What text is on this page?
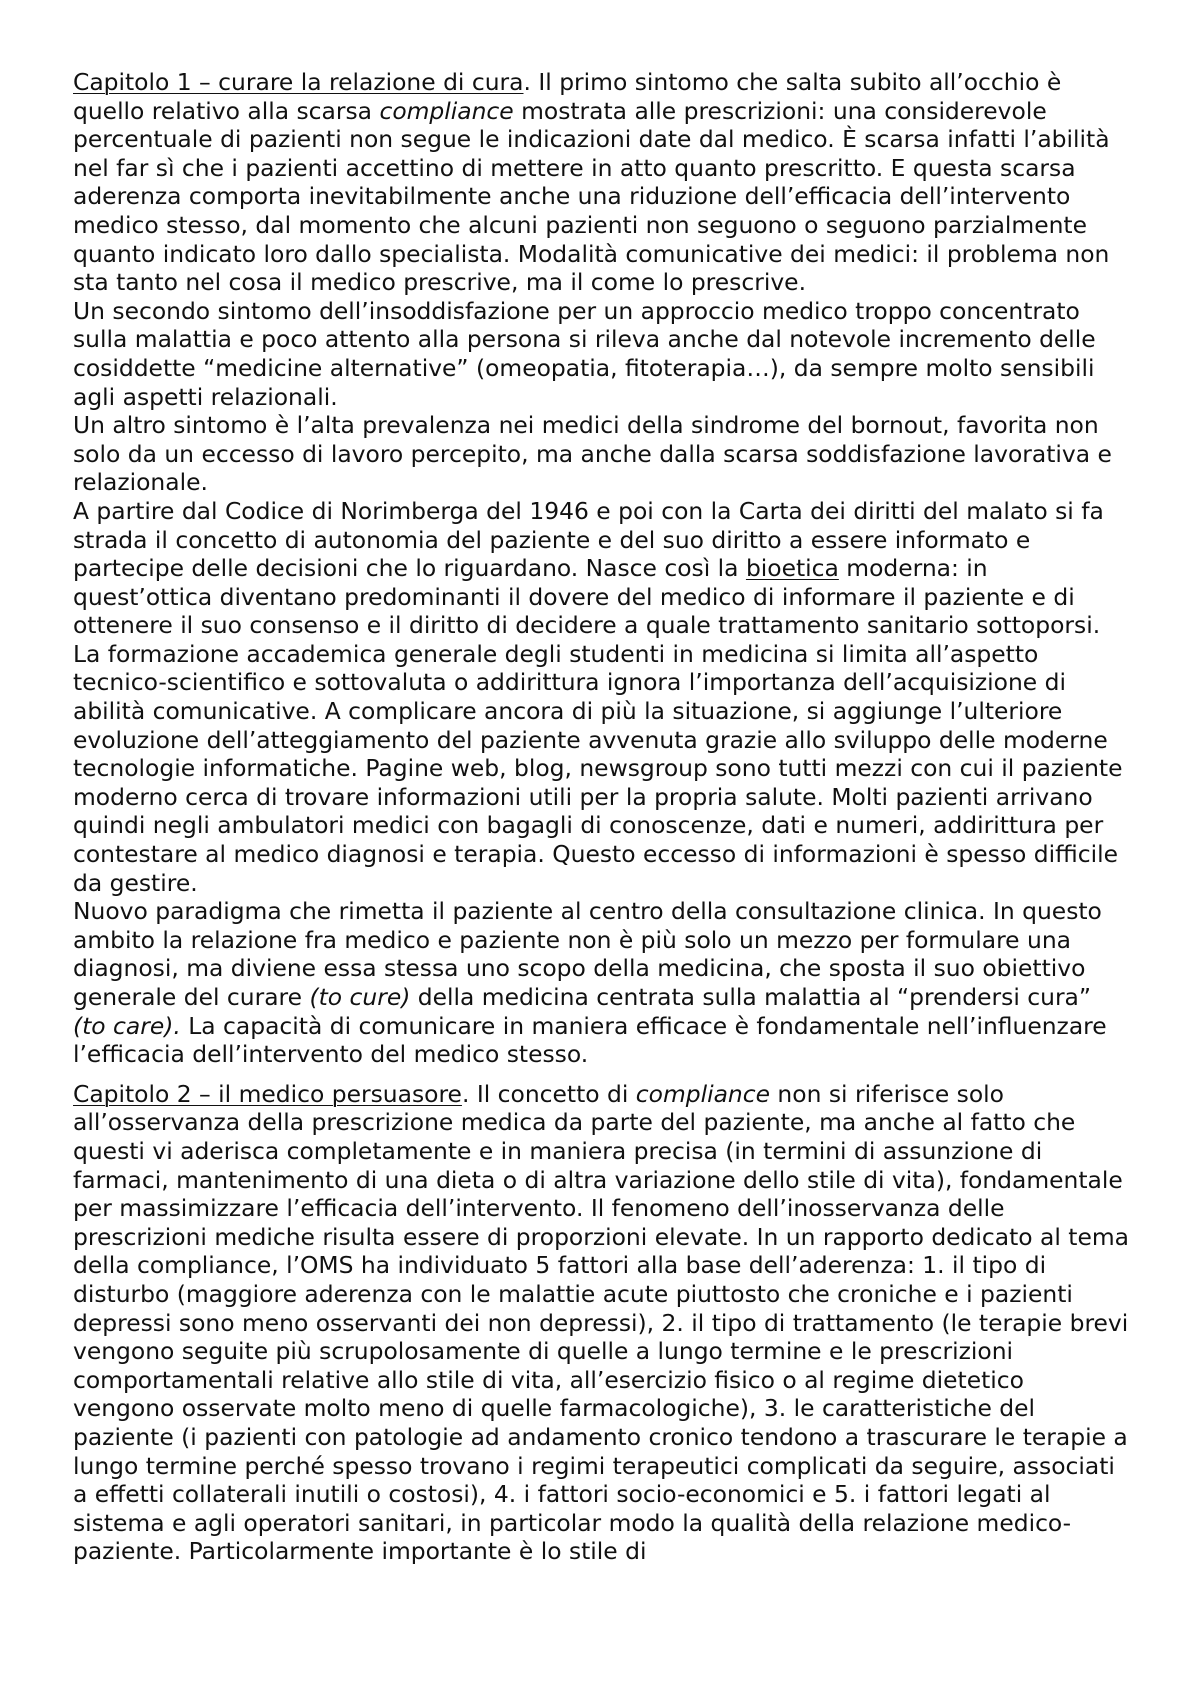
Capitolo 1 – curare la relazione di cura. Il primo sintomo che salta subito all’occhio è quello relativo alla scarsa compliance mostrata alle prescrizioni: una considerevole percentuale di pazienti non segue le indicazioni date dal medico. È scarsa infatti l’abilità nel far sì che i pazienti accettino di mettere in atto quanto prescritto. E questa scarsa aderenza comporta inevitabilmente anche una riduzione dell’efficacia dell’intervento medico stesso, dal momento che alcuni pazienti non seguono o seguono parzialmente quanto indicato loro dallo specialista. Modalità comunicative dei medici: il problema non sta tanto nel cosa il medico prescrive, ma il come lo prescrive.

Un secondo sintomo dell’insoddisfazione per un approccio medico troppo concentrato sulla malattia e poco attento alla persona si rileva anche dal notevole incremento delle cosiddette “medicine alternative” (omeopatia, fitoterapia…), da sempre molto sensibili agli aspetti relazionali.

Un altro sintomo è l’alta prevalenza nei medici della sindrome del bornout, favorita non solo da un eccesso di lavoro percepito, ma anche dalla scarsa soddisfazione lavorativa e relazionale.

A partire dal Codice di Norimberga del 1946 e poi con la Carta dei diritti del malato si fa strada il concetto di autonomia del paziente e del suo diritto a essere informato e partecipe delle decisioni che lo riguardano. Nasce così la bioetica moderna: in quest’ottica diventano predominanti il dovere del medico di informare il paziente e di ottenere il suo consenso e il diritto di decidere a quale trattamento sanitario sottoporsi.

La formazione accademica generale degli studenti in medicina si limita all’aspetto tecnico-scientifico e sottovaluta o addirittura ignora l’importanza dell’acquisizione di abilità comunicative. A complicare ancora di più la situazione, si aggiunge l’ulteriore evoluzione dell’atteggiamento del paziente avvenuta grazie allo sviluppo delle moderne tecnologie informatiche. Pagine web, blog, newsgroup sono tutti mezzi con cui il paziente moderno cerca di trovare informazioni utili per la propria salute. Molti pazienti arrivano quindi negli ambulatori medici con bagagli di conoscenze, dati e numeri, addirittura per contestare al medico diagnosi e terapia. Questo eccesso di informazioni è spesso difficile da gestire.

Nuovo paradigma che rimetta il paziente al centro della consultazione clinica. In questo ambito la relazione fra medico e paziente non è più solo un mezzo per formulare una diagnosi, ma diviene essa stessa uno scopo della medicina, che sposta il suo obiettivo generale del curare (to cure) della medicina centrata sulla malattia al “prendersi cura” (to care). La capacità di comunicare in maniera efficace è fondamentale nell’influenzare l’efficacia dell’intervento del medico stesso.

Capitolo 2 – il medico persuasore. Il concetto di compliance non si riferisce solo all’osservanza della prescrizione medica da parte del paziente, ma anche al fatto che questi vi aderisca completamente e in maniera precisa (in termini di assunzione di farmaci, mantenimento di una dieta o di altra variazione dello stile di vita), fondamentale per massimizzare l’efficacia dell’intervento. Il fenomeno dell’inosservanza delle prescrizioni mediche risulta essere di proporzioni elevate. In un rapporto dedicato al tema della compliance, l’OMS ha individuato 5 fattori alla base dell’aderenza: 1. il tipo di disturbo (maggiore aderenza con le malattie acute piuttosto che croniche e i pazienti depressi sono meno osservanti dei non depressi), 2. il tipo di trattamento (le terapie brevi vengono seguite più scrupolosamente di quelle a lungo termine e le prescrizioni comportamentali relative allo stile di vita, all’esercizio fisico o al regime dietetico vengono osservate molto meno di quelle farmacologiche), 3. le caratteristiche del paziente (i pazienti con patologie ad andamento cronico tendono a trascurare le terapie a lungo termine perché spesso trovano i regimi terapeutici complicati da seguire, associati a effetti collaterali inutili o costosi), 4. i fattori socio-economici e 5. i fattori legati al sistema e agli operatori sanitari, in particolar modo la qualità della relazione medico- paziente. Particolarmente importante è lo stile di
